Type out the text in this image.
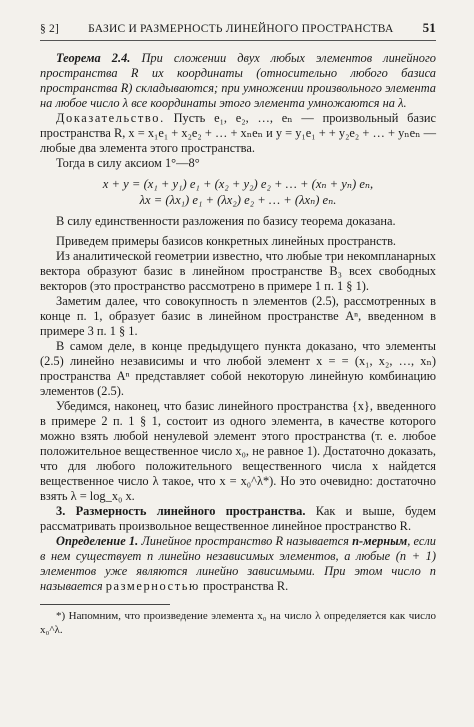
§ 2]	БАЗИС И РАЗМЕРНОСТЬ ЛИНЕЙНОГО ПРОСТРАНСТВА 51

Теорема 2.4. При сложении двух любых элементов линейного пространства R их координаты (относительно любого базиса пространства R) складываются; при умножении произвольного элемента на любое число λ все координаты этого элемента умножаются на λ.

Доказательство. Пусть e₁, e₂, …, eₙ — произвольный базис пространства R, x = x₁e₁ + x₂e₂ + … + xₙeₙ и y = y₁e₁ + + y₂e₂ + … + yₙeₙ — любые два элемента этого пространства.

Тогда в силу аксиом 1°—8°

x + y = (x₁ + y₁) e₁ + (x₂ + y₂) e₂ + … + (xₙ + yₙ) eₙ,
λx = (λx₁) e₁ + (λx₂) e₂ + … + (λxₙ) eₙ.

В силу единственности разложения по базису теорема доказана.

Приведем примеры базисов конкретных линейных пространств.

Из аналитической геометрии известно, что любые три некомпланарных вектора образуют базис в линейном пространстве B₃ всех свободных векторов (это пространство рассмотрено в примере 1 п. 1 § 1).

Заметим далее, что совокупность n элементов (2.5), рассмотренных в конце п. 1, образует базис в линейном пространстве Aⁿ, введенном в примере 3 п. 1 § 1.

В самом деле, в конце предыдущего пункта доказано, что элементы (2.5) линейно независимы и что любой элемент x = = (x₁, x₂, …, xₙ) пространства Aⁿ представляет собой некоторую линейную комбинацию элементов (2.5).

Убедимся, наконец, что базис линейного пространства {x}, введенного в примере 2 п. 1 § 1, состоит из одного элемента, в качестве которого можно взять любой ненулевой элемент этого пространства (т. е. любое положительное вещественное число x₀, не равное 1). Достаточно доказать, что для любого положительного вещественного числа x найдется вещественное число λ такое, что x = x₀^λ*). Но это очевидно: достаточно взять λ = log_x₀ x.

3. Размерность линейного пространства. Как и выше, будем рассматривать произвольное вещественное линейное пространство R.

Определение 1. Линейное пространство R называется n-мерным, если в нем существует n линейно независимых элементов, а любые (n + 1) элементов уже являются линейно зависимыми. При этом число n называется размерностью пространства R.

*) Напомним, что произведение элемента x₀ на число λ определяется как число x₀^λ.
